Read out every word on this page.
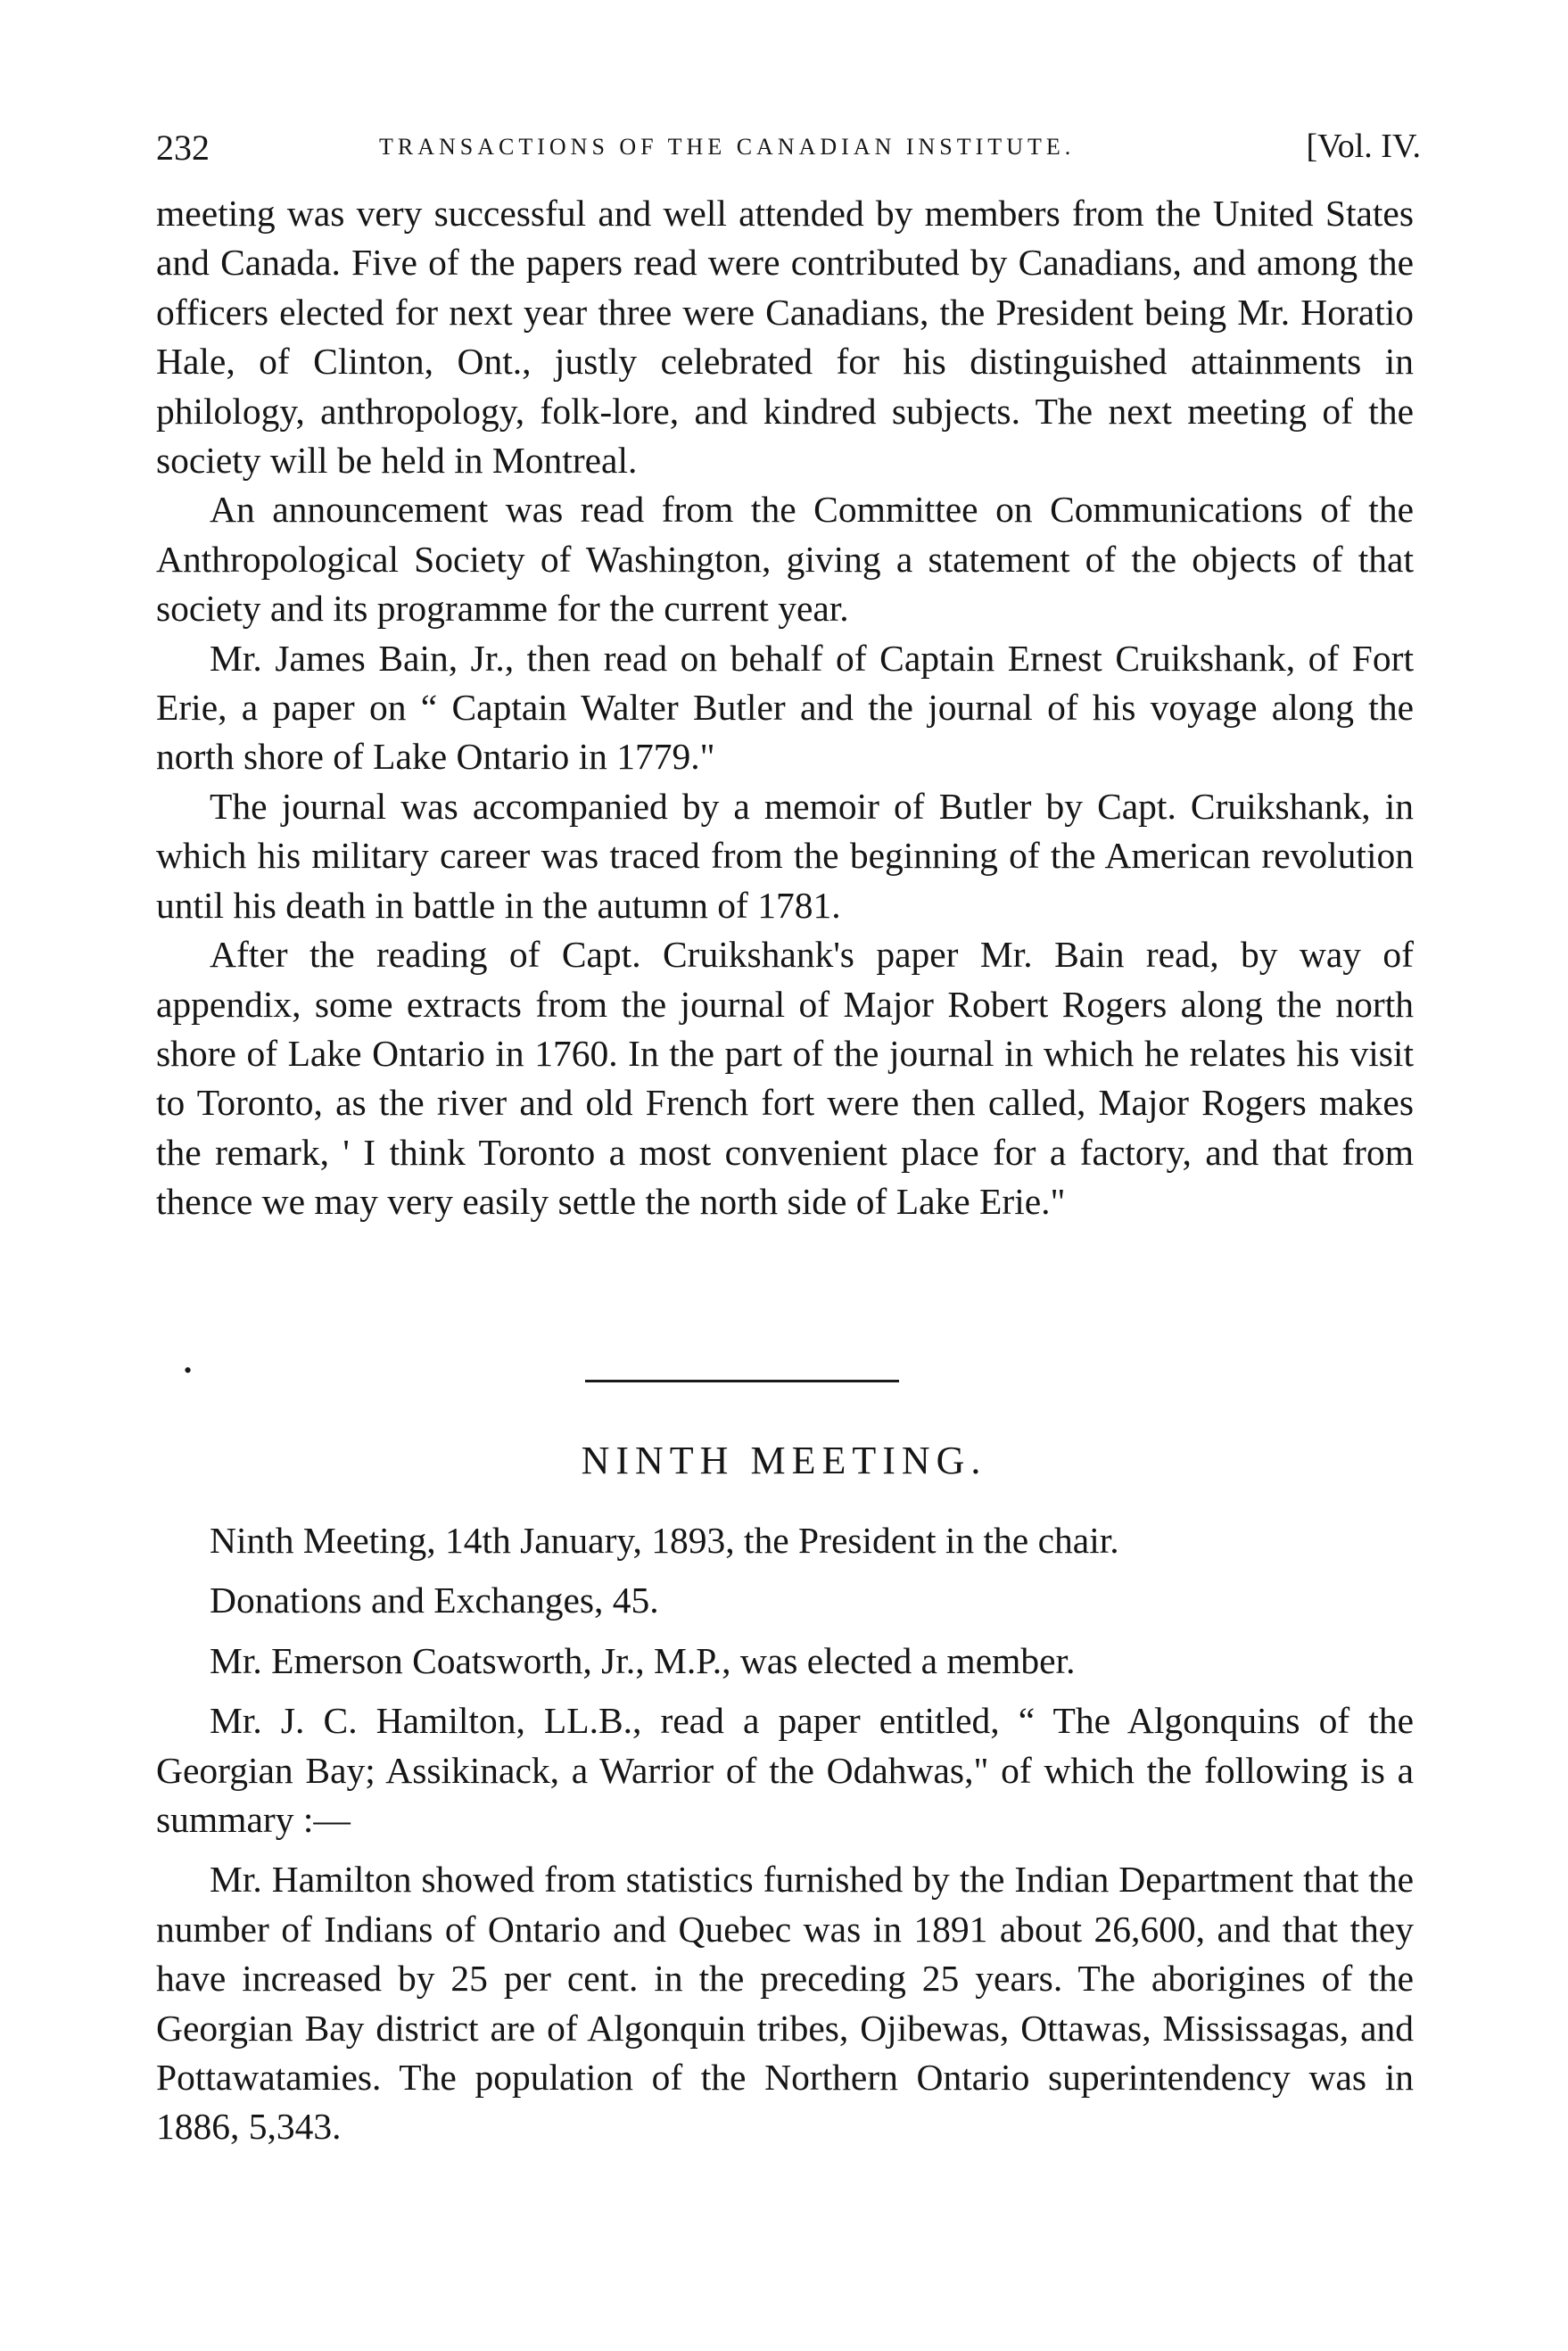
232	TRANSACTIONS OF THE CANADIAN INSTITUTE.	[Vol. IV.

meeting was very successful and well attended by members from the United States and Canada. Five of the papers read were contributed by Canadians, and among the officers elected for next year three were Canadians, the President being Mr. Horatio Hale, of Clinton, Ont., justly celebrated for his distinguished attainments in philology, anthropology, folk-lore, and kindred subjects. The next meeting of the society will be held in Montreal.

An announcement was read from the Committee on Communications of the Anthropological Society of Washington, giving a statement of the objects of that society and its programme for the current year.

Mr. James Bain, Jr., then read on behalf of Captain Ernest Cruikshank, of Fort Erie, a paper on “ Captain Walter Butler and the journal of his voyage along the north shore of Lake Ontario in 1779."

The journal was accompanied by a memoir of Butler by Capt. Cruikshank, in which his military career was traced from the beginning of the American revolution until his death in battle in the autumn of 1781.

After the reading of Capt. Cruikshank's paper Mr. Bain read, by way of appendix, some extracts from the journal of Major Robert Rogers along the north shore of Lake Ontario in 1760. In the part of the journal in which he relates his visit to Toronto, as the river and old French fort were then called, Major Rogers makes the remark, ' I think Toronto a most convenient place for a factory, and that from thence we may very easily settle the north side of Lake Erie."

•
NINTH MEETING.

Ninth Meeting, 14th January, 1893, the President in the chair.

Donations and Exchanges, 45.

Mr. Emerson Coatsworth, Jr., M.P., was elected a member.

Mr. J. C. Hamilton, LL.B., read a paper entitled, “ The Algonquins of the Georgian Bay; Assikinack, a Warrior of the Odahwas," of which the following is a summary :—

Mr. Hamilton showed from statistics furnished by the Indian Department that the number of Indians of Ontario and Quebec was in 1891 about 26,600, and that they have increased by 25 per cent. in the preceding 25 years. The aborigines of the Georgian Bay district are of Algonquin tribes, Ojibewas, Ottawas, Mississagas, and Pottawatamies. The population of the Northern Ontario superintendency was in 1886, 5,343.
